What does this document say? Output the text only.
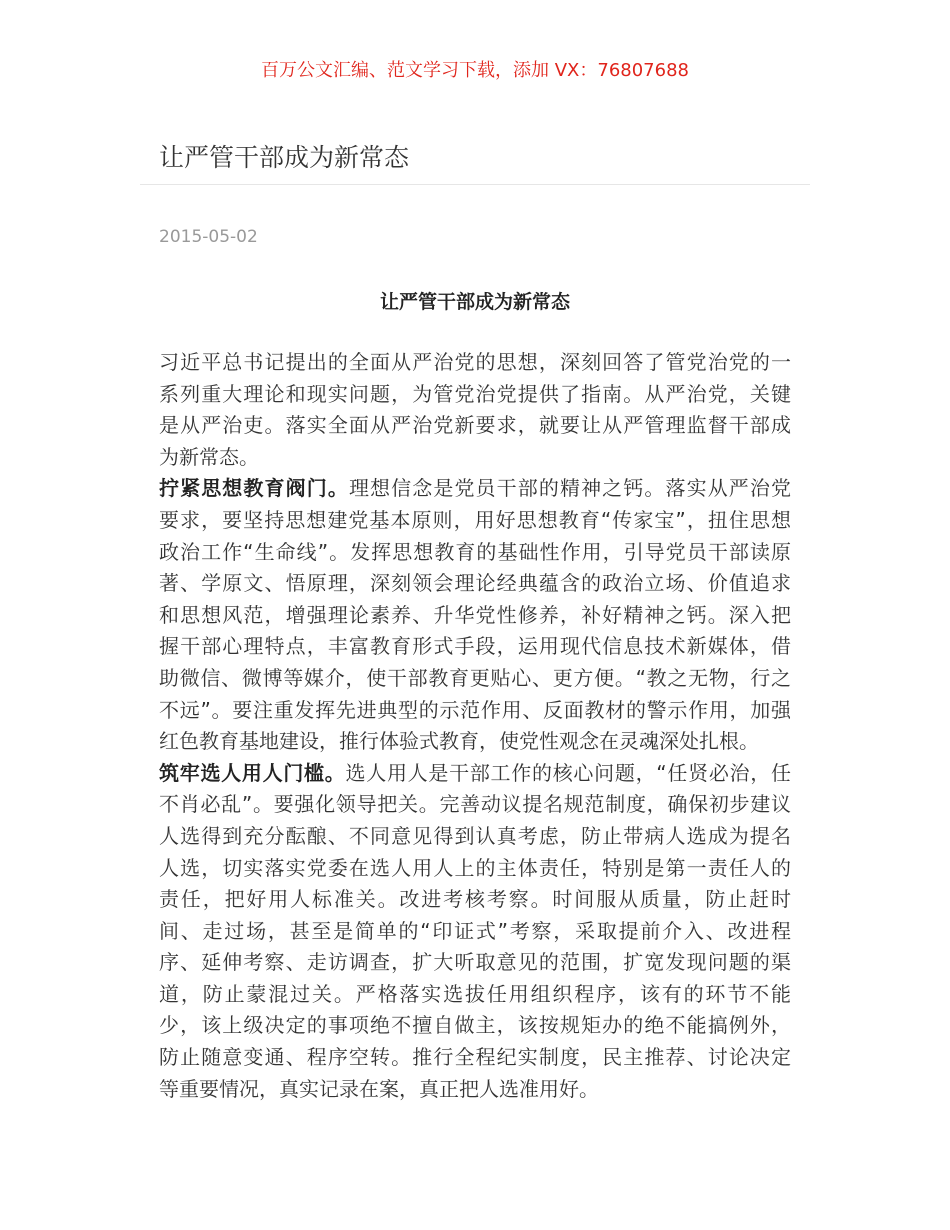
百万公文汇编、范文学习下载，添加 VX：76807688
让严管干部成为新常态
2015-05-02
让严管干部成为新常态
习近平总书记提出的全面从严治党的思想，深刻回答了管党治党的一
系列重大理论和现实问题，为管党治党提供了指南。从严治党，关键
是从严治吏。落实全面从严治党新要求，就要让从严管理监督干部成
为新常态。
拧紧思想教育阀门。理想信念是党员干部的精神之钙。落实从严治党
要求，要坚持思想建党基本原则，用好思想教育“传家宝”，扭住思想
政治工作“生命线”。发挥思想教育的基础性作用，引导党员干部读原
著、学原文、悟原理，深刻领会理论经典蕴含的政治立场、价值追求
和思想风范，增强理论素养、升华党性修养，补好精神之钙。深入把
握干部心理特点，丰富教育形式手段，运用现代信息技术新媒体，借
助微信、微博等媒介，使干部教育更贴心、更方便。“教之无物，行之
不远”。要注重发挥先进典型的示范作用、反面教材的警示作用，加强
红色教育基地建设，推行体验式教育，使党性观念在灵魂深处扎根。
筑牢选人用人门槛。选人用人是干部工作的核心问题，“任贤必治，任
不肖必乱”。要强化领导把关。完善动议提名规范制度，确保初步建议
人选得到充分酝酿、不同意见得到认真考虑，防止带病人选成为提名
人选，切实落实党委在选人用人上的主体责任，特别是第一责任人的
责任，把好用人标准关。改进考核考察。时间服从质量，防止赶时
间、走过场，甚至是简单的“印证式”考察，采取提前介入、改进程
序、延伸考察、走访调查，扩大听取意见的范围，扩宽发现问题的渠
道，防止蒙混过关。严格落实选拔任用组织程序，该有的环节不能
少，该上级决定的事项绝不擅自做主，该按规矩办的绝不能搞例外，
防止随意变通、程序空转。推行全程纪实制度，民主推荐、讨论决定
等重要情况，真实记录在案，真正把人选准用好。
